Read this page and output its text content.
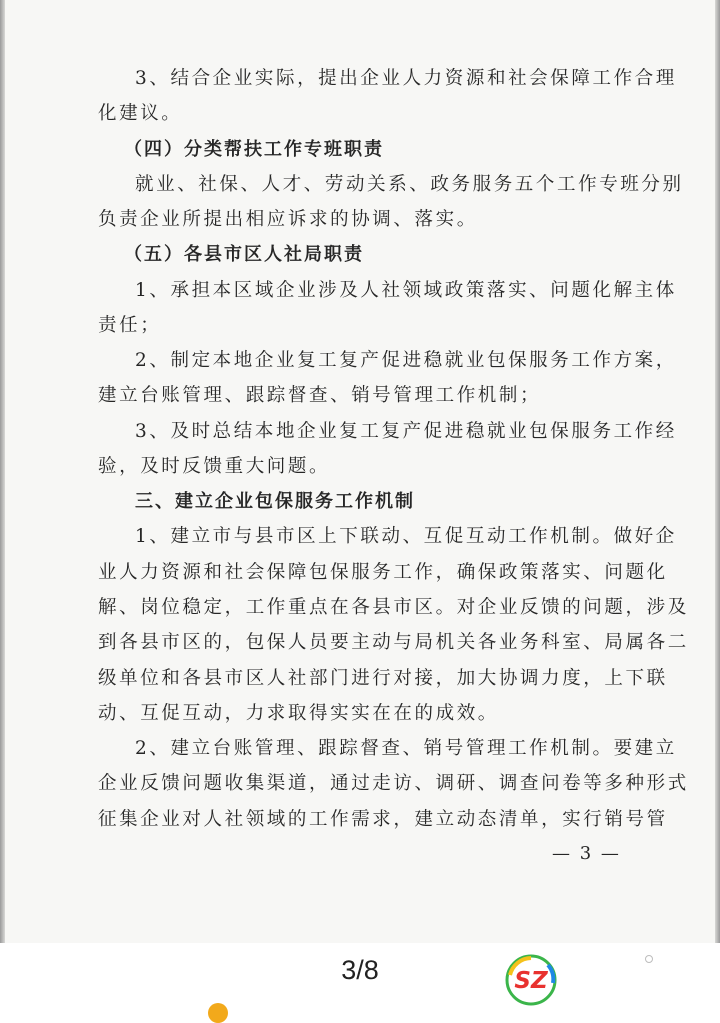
3、结合企业实际，提出企业人力资源和社会保障工作合理
化建议。
（四）分类帮扶工作专班职责
就业、社保、人才、劳动关系、政务服务五个工作专班分别
负责企业所提出相应诉求的协调、落实。
（五）各县市区人社局职责
1、承担本区域企业涉及人社领域政策落实、问题化解主体
责任；
2、制定本地企业复工复产促进稳就业包保服务工作方案，
建立台账管理、跟踪督查、销号管理工作机制；
3、及时总结本地企业复工复产促进稳就业包保服务工作经
验，及时反馈重大问题。
三、建立企业包保服务工作机制
1、建立市与县市区上下联动、互促互动工作机制。做好企
业人力资源和社会保障包保服务工作，确保政策落实、问题化
解、岗位稳定，工作重点在各县市区。对企业反馈的问题，涉及
到各县市区的，包保人员要主动与局机关各业务科室、局属各二
级单位和各县市区人社部门进行对接，加大协调力度，上下联
动、互促互动，力求取得实实在在的成效。
2、建立台账管理、跟踪督查、销号管理工作机制。要建立
企业反馈问题收集渠道，通过走访、调研、调查问卷等多种形式
征集企业对人社领域的工作需求，建立动态清单，实行销号管
— 3 —
3/8	SZ
